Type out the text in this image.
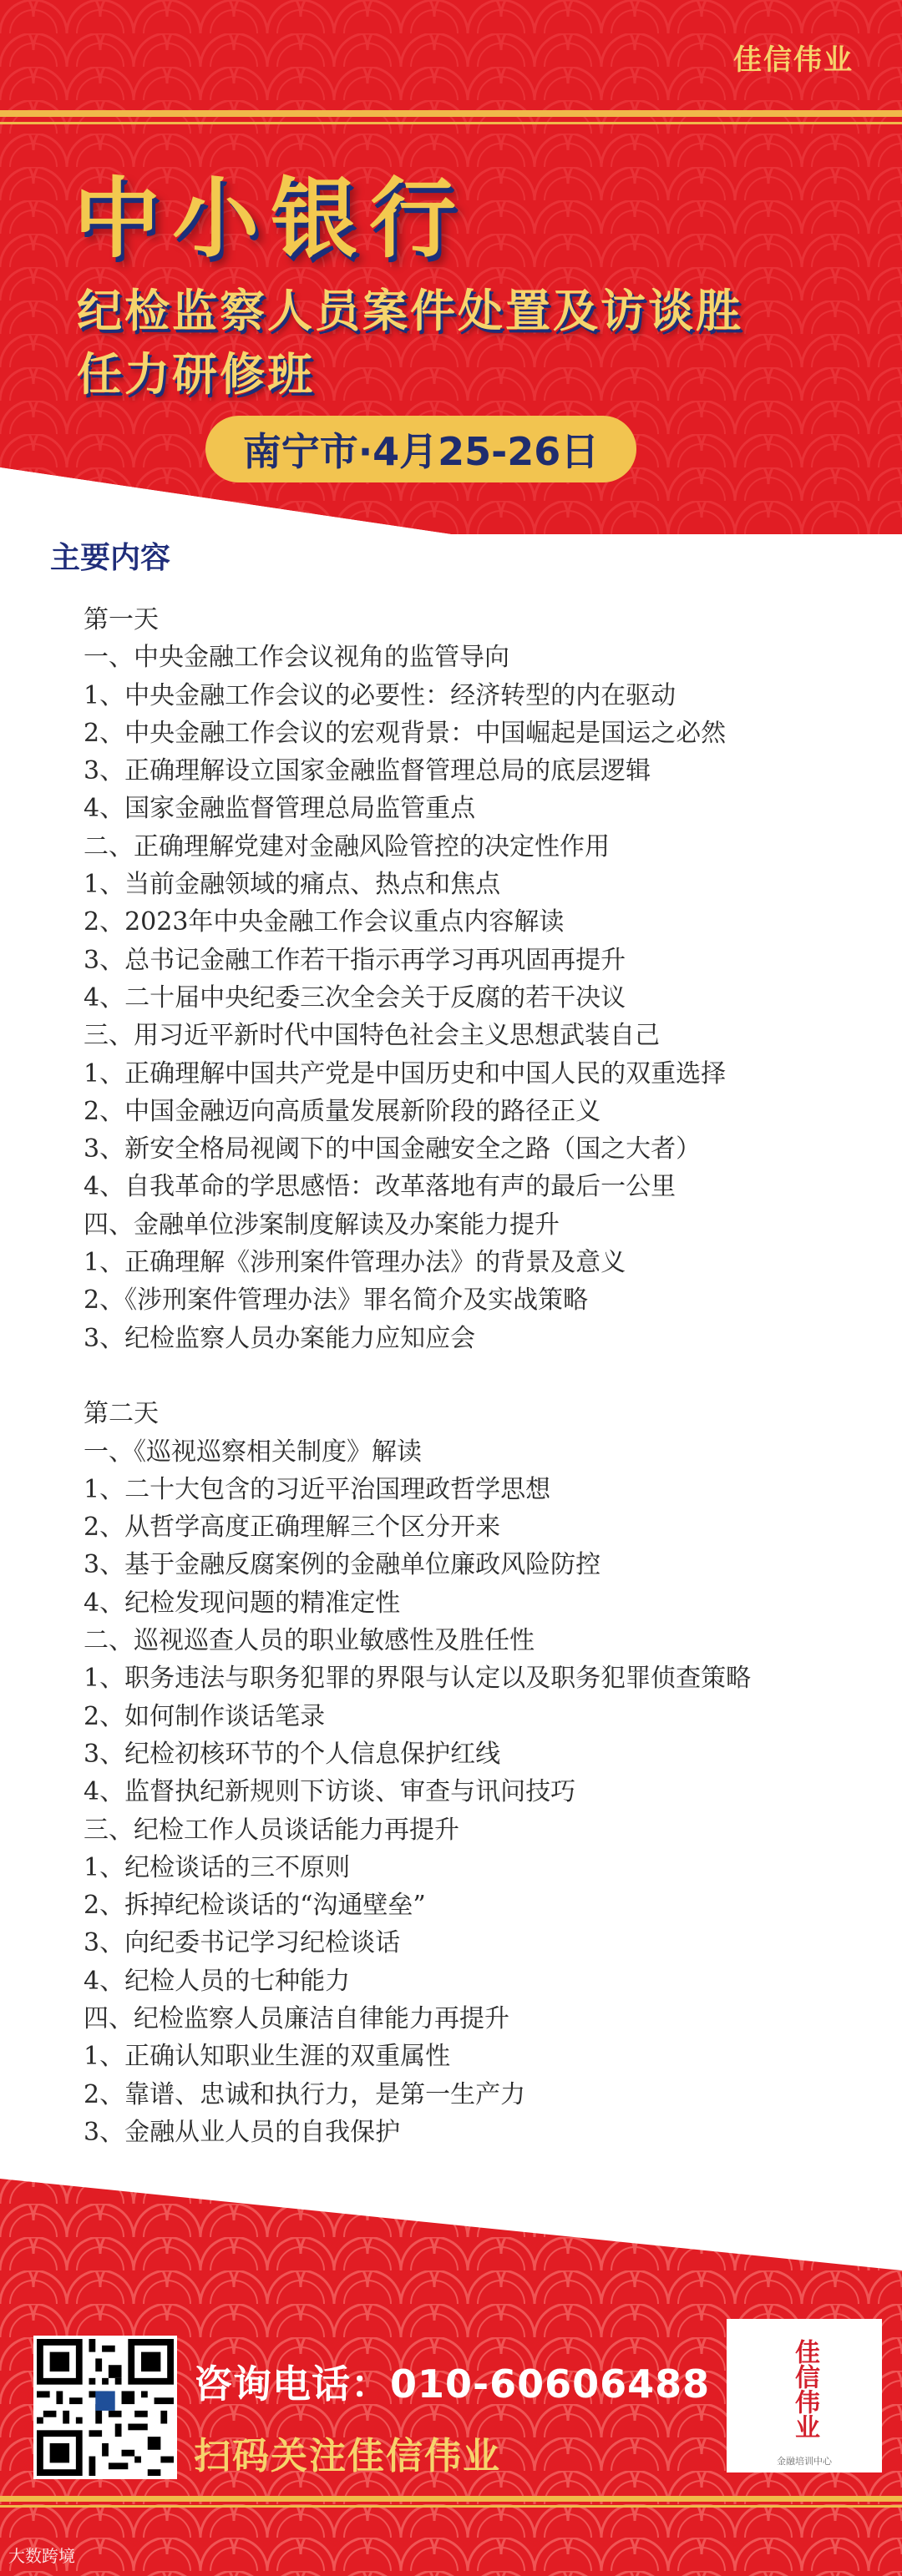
佳信伟业
中小银行
纪检监察人员案件处置及访谈胜
任力研修班
南宁市·4月25-26日
主要内容
第一天
一、中央金融工作会议视角的监管导向
1、中央金融工作会议的必要性：经济转型的内在驱动
2、中央金融工作会议的宏观背景：中国崛起是国运之必然
3、正确理解设立国家金融监督管理总局的底层逻辑
4、国家金融监督管理总局监管重点
二、正确理解党建对金融风险管控的决定性作用
1、当前金融领域的痛点、热点和焦点
2、2023年中央金融工作会议重点内容解读
3、总书记金融工作若干指示再学习再巩固再提升
4、二十届中央纪委三次全会关于反腐的若干决议
三、用习近平新时代中国特色社会主义思想武装自己
1、正确理解中国共产党是中国历史和中国人民的双重选择
2、中国金融迈向高质量发展新阶段的路径正义
3、新安全格局视阈下的中国金融安全之路（国之大者）
4、自我革命的学思感悟：改革落地有声的最后一公里
四、金融单位涉案制度解读及办案能力提升
1、正确理解《涉刑案件管理办法》的背景及意义
2、《涉刑案件管理办法》罪名简介及实战策略
3、纪检监察人员办案能力应知应会
第二天
一、《巡视巡察相关制度》解读
1、二十大包含的习近平治国理政哲学思想
2、从哲学高度正确理解三个区分开来
3、基于金融反腐案例的金融单位廉政风险防控
4、纪检发现问题的精准定性
二、巡视巡查人员的职业敏感性及胜任性
1、职务违法与职务犯罪的界限与认定以及职务犯罪侦查策略
2、如何制作谈话笔录
3、纪检初核环节的个人信息保护红线
4、监督执纪新规则下访谈、审查与讯问技巧
三、纪检工作人员谈话能力再提升
1、纪检谈话的三不原则
2、拆掉纪检谈话的“沟通壁垒”
3、向纪委书记学习纪检谈话
4、纪检人员的七种能力
四、纪检监察人员廉洁自律能力再提升
1、正确认知职业生涯的双重属性
2、靠谱、忠诚和执行力，是第一生产力
3、金融从业人员的自我保护
咨询电话：010-60606488
扫码关注佳信伟业
佳信伟业
金融培训中心
大数跨境
